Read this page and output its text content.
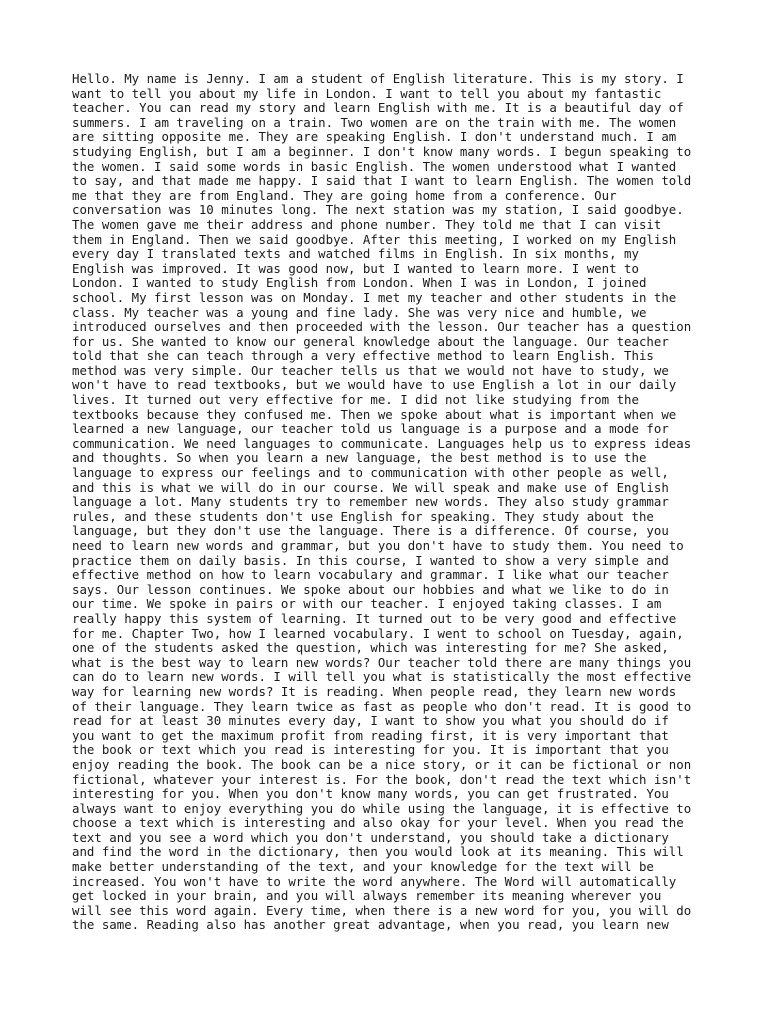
Hello. My name is Jenny. I am a student of English literature. This is my story. I
want to tell you about my life in London. I want to tell you about my fantastic
teacher. You can read my story and learn English with me. It is a beautiful day of
summers. I am traveling on a train. Two women are on the train with me. The women
are sitting opposite me. They are speaking English. I don't understand much. I am
studying English, but I am a beginner. I don't know many words. I begun speaking to
the women. I said some words in basic English. The women understood what I wanted
to say, and that made me happy. I said that I want to learn English. The women told
me that they are from England. They are going home from a conference. Our
conversation was 10 minutes long. The next station was my station, I said goodbye.
The women gave me their address and phone number. They told me that I can visit
them in England. Then we said goodbye. After this meeting, I worked on my English
every day I translated texts and watched films in English. In six months, my
English was improved. It was good now, but I wanted to learn more. I went to
London. I wanted to study English from London. When I was in London, I joined
school. My first lesson was on Monday. I met my teacher and other students in the
class. My teacher was a young and fine lady. She was very nice and humble, we
introduced ourselves and then proceeded with the lesson. Our teacher has a question
for us. She wanted to know our general knowledge about the language. Our teacher
told that she can teach through a very effective method to learn English. This
method was very simple. Our teacher tells us that we would not have to study, we
won't have to read textbooks, but we would have to use English a lot in our daily
lives. It turned out very effective for me. I did not like studying from the
textbooks because they confused me. Then we spoke about what is important when we
learned a new language, our teacher told us language is a purpose and a mode for
communication. We need languages to communicate. Languages help us to express ideas
and thoughts. So when you learn a new language, the best method is to use the
language to express our feelings and to communication with other people as well,
and this is what we will do in our course. We will speak and make use of English
language a lot. Many students try to remember new words. They also study grammar
rules, and these students don't use English for speaking. They study about the
language, but they don't use the language. There is a difference. Of course, you
need to learn new words and grammar, but you don't have to study them. You need to
practice them on daily basis. In this course, I wanted to show a very simple and
effective method on how to learn vocabulary and grammar. I like what our teacher
says. Our lesson continues. We spoke about our hobbies and what we like to do in
our time. We spoke in pairs or with our teacher. I enjoyed taking classes. I am
really happy this system of learning. It turned out to be very good and effective
for me. Chapter Two, how I learned vocabulary. I went to school on Tuesday, again,
one of the students asked the question, which was interesting for me? She asked,
what is the best way to learn new words? Our teacher told there are many things you
can do to learn new words. I will tell you what is statistically the most effective
way for learning new words? It is reading. When people read, they learn new words
of their language. They learn twice as fast as people who don't read. It is good to
read for at least 30 minutes every day, I want to show you what you should do if
you want to get the maximum profit from reading first, it is very important that
the book or text which you read is interesting for you. It is important that you
enjoy reading the book. The book can be a nice story, or it can be fictional or non
fictional, whatever your interest is. For the book, don't read the text which isn't
interesting for you. When you don't know many words, you can get frustrated. You
always want to enjoy everything you do while using the language, it is effective to
choose a text which is interesting and also okay for your level. When you read the
text and you see a word which you don't understand, you should take a dictionary
and find the word in the dictionary, then you would look at its meaning. This will
make better understanding of the text, and your knowledge for the text will be
increased. You won't have to write the word anywhere. The Word will automatically
get locked in your brain, and you will always remember its meaning wherever you
will see this word again. Every time, when there is a new word for you, you will do
the same. Reading also has another great advantage, when you read, you learn new
